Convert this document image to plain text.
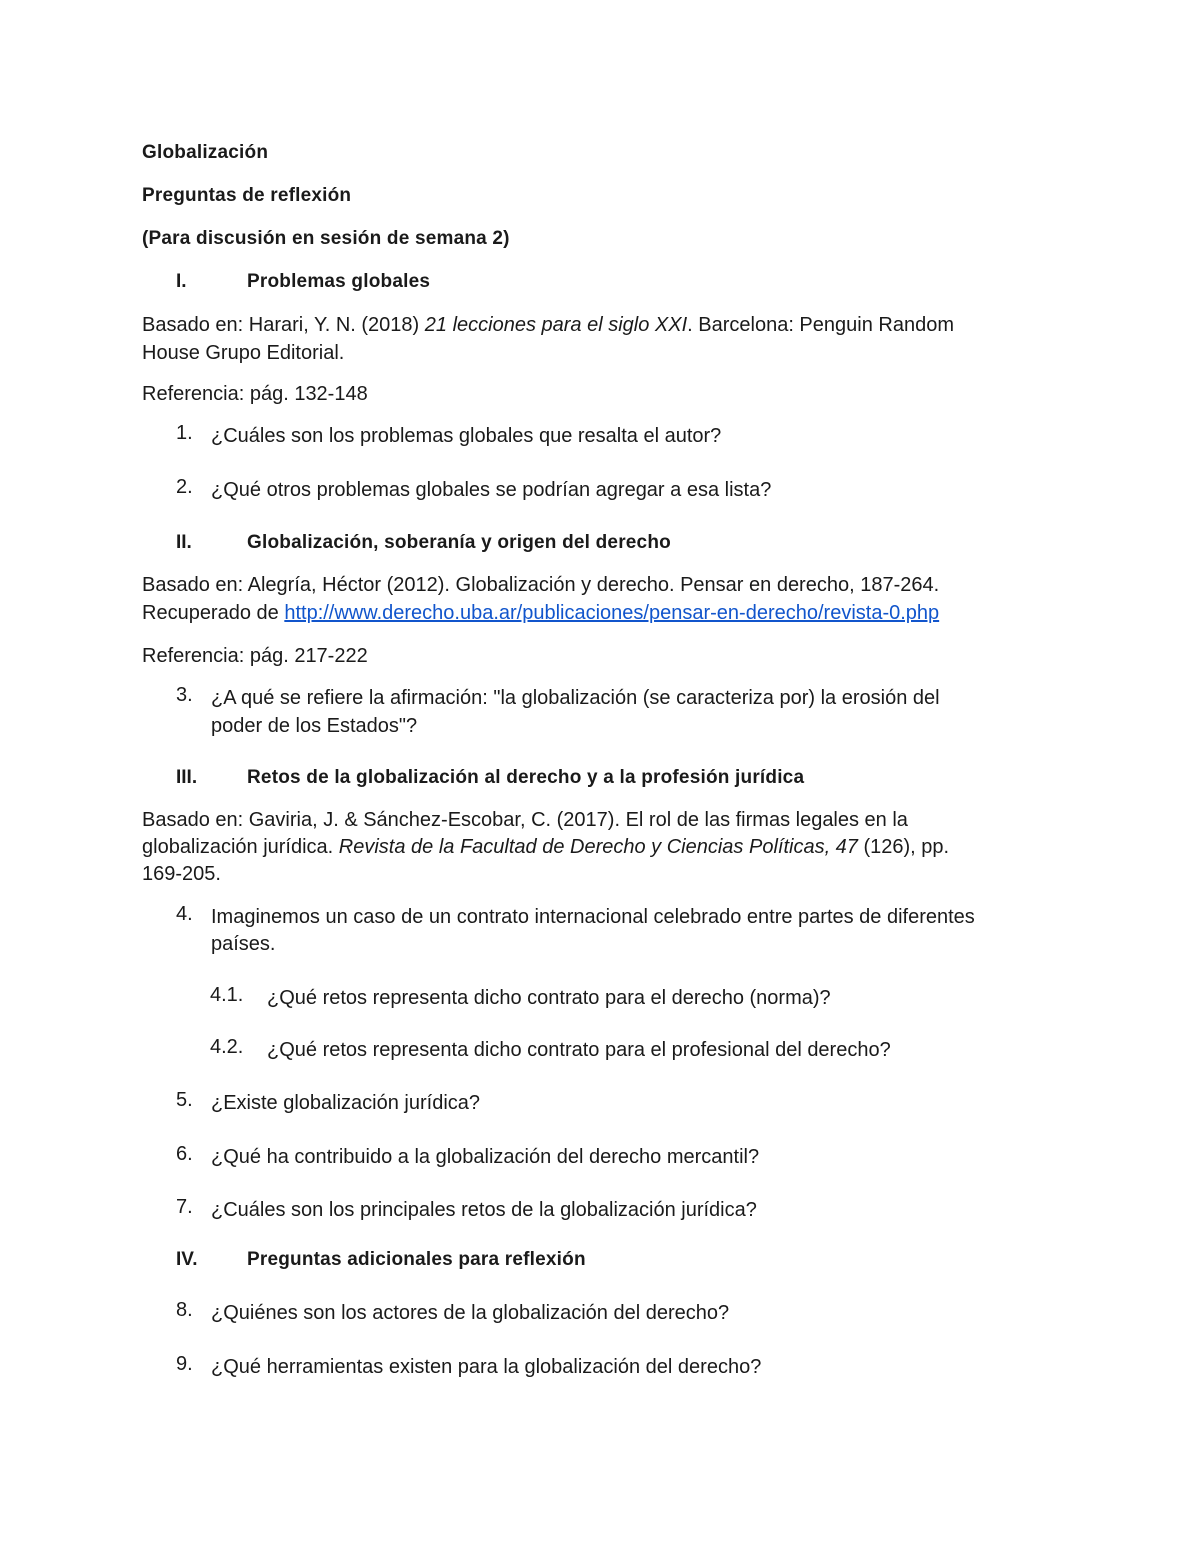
Globalización
Preguntas de reflexión
(Para discusión en sesión de semana 2)
I.	Problemas globales
Basado en: Harari, Y. N. (2018) 21 lecciones para el siglo XXI. Barcelona: Penguin Random
House Grupo Editorial.
Referencia: pág. 132-148
1. ¿Cuáles son los problemas globales que resalta el autor?
2. ¿Qué otros problemas globales se podrían agregar a esa lista?
II.	Globalización, soberanía y origen del derecho
Basado en: Alegría, Héctor (2012). Globalización y derecho. Pensar en derecho, 187-264.
Recuperado de http://www.derecho.uba.ar/publicaciones/pensar-en-derecho/revista-0.php
Referencia: pág. 217-222
3. ¿A qué se refiere la afirmación: "la globalización (se caracteriza por) la erosión del
poder de los Estados"?
III.	Retos de la globalización al derecho y a la profesión jurídica
Basado en: Gaviria, J. & Sánchez-Escobar, C. (2017). El rol de las firmas legales en la
globalización jurídica. Revista de la Facultad de Derecho y Ciencias Políticas, 47 (126), pp.
169-205.
4. Imaginemos un caso de un contrato internacional celebrado entre partes de diferentes
países.
4.1. ¿Qué retos representa dicho contrato para el derecho (norma)?
4.2. ¿Qué retos representa dicho contrato para el profesional del derecho?
5. ¿Existe globalización jurídica?
6. ¿Qué ha contribuido a la globalización del derecho mercantil?
7. ¿Cuáles son los principales retos de la globalización jurídica?
IV.	Preguntas adicionales para reflexión
8. ¿Quiénes son los actores de la globalización del derecho?
9. ¿Qué herramientas existen para la globalización del derecho?
